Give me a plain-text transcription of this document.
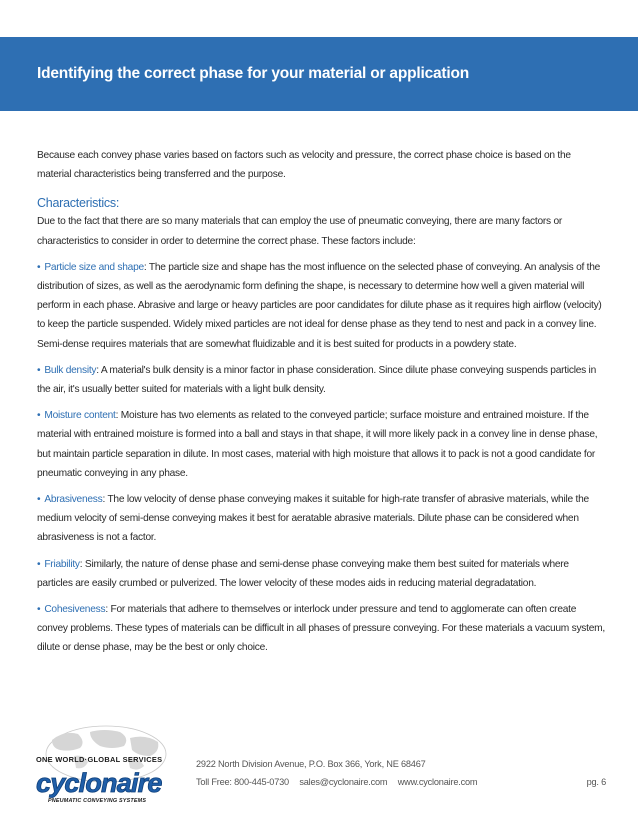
Identifying the correct phase for your material or application

Because each convey phase varies based on factors such as velocity and pressure, the correct phase choice is based on the material characteristics being transferred and the purpose.

Characteristics:

Due to the fact that there are so many materials that can employ the use of pneumatic conveying, there are many factors or characteristics to consider in order to determine the correct phase. These factors include:

• Particle size and shape: The particle size and shape has the most influence on the selected phase of conveying. An analysis of the distribution of sizes, as well as the aerodynamic form defining the shape, is necessary to determine how well a given material will perform in each phase. Abrasive and large or heavy particles are poor candidates for dilute phase as it requires high airflow (velocity) to keep the particle suspended. Widely mixed particles are not ideal for dense phase as they tend to nest and pack in a convey line. Semi-dense requires materials that are somewhat fluidizable and it is best suited for products in a powdery state.

• Bulk density: A material's bulk density is a minor factor in phase consideration. Since dilute phase conveying suspends particles in the air, it's usually better suited for materials with a light bulk density.

• Moisture content: Moisture has two elements as related to the conveyed particle; surface moisture and entrained moisture. If the material with entrained moisture is formed into a ball and stays in that shape, it will more likely pack in a convey line in dense phase, but maintain particle separation in dilute. In most cases, material with high moisture that allows it to pack is not a good candidate for pneumatic conveying in any phase.

• Abrasiveness: The low velocity of dense phase conveying makes it suitable for high-rate transfer of abrasive materials, while the medium velocity of semi-dense conveying makes it best for aeratable abrasive materials. Dilute phase can be considered when abrasiveness is not a factor.

• Friability: Similarly, the nature of dense phase and semi-dense phase conveying make them best suited for materials where particles are easily crumbed or pulverized. The lower velocity of these modes aids in reducing material degradatation.

• Cohesiveness: For materials that adhere to themselves or interlock under pressure and tend to agglomerate can often create convey problems. These types of materials can be difficult in all phases of pressure conveying. For these materials a vacuum system, dilute or dense phase, may be the best or only choice.

ONE WORLD·GLOBAL SERVICES
cyclonaire
PNEUMATIC CONVEYING SYSTEMS
2922 North Division Avenue, P.O. Box 366, York, NE 68467
Toll Free: 800-445-0730 sales@cyclonaire.com www.cyclonaire.com	pg. 6
